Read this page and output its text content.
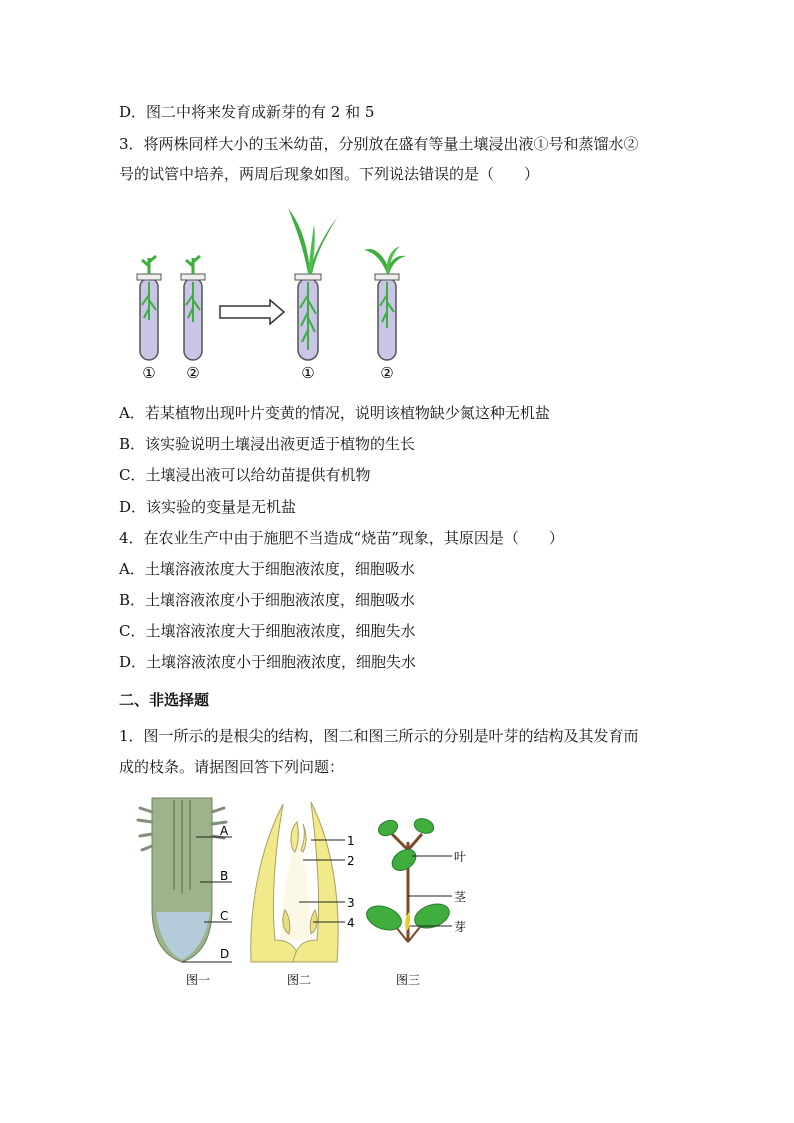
D．图二中将来发育成新芽的有 2 和 5
3．将两株同样大小的玉米幼苗，分别放在盛有等量土壤浸出液①号和蒸馏水②
号的试管中培养，两周后现象如图。下列说法错误的是（　　）
① ②	①	②
A．若某植物出现叶片变黄的情况，说明该植物缺少氮这种无机盐
B．该实验说明土壤浸出液更适于植物的生长
C．土壤浸出液可以给幼苗提供有机物
D．该实验的变量是无机盐
4．在农业生产中由于施肥不当造成“烧苗”现象，其原因是（　　）
A．土壤溶液浓度大于细胞液浓度，细胞吸水
B．土壤溶液浓度小于细胞液浓度，细胞吸水
C．土壤溶液浓度大于细胞液浓度，细胞失水
D．土壤溶液浓度小于细胞液浓度，细胞失水
二、非选择题
1．图一所示的是根尖的结构，图二和图三所示的分别是叶芽的结构及其发育而
成的枝条。请据图回答下列问题：
A
B
C
D
图一
1
2
3
4
图二
叶
茎
芽
图三
